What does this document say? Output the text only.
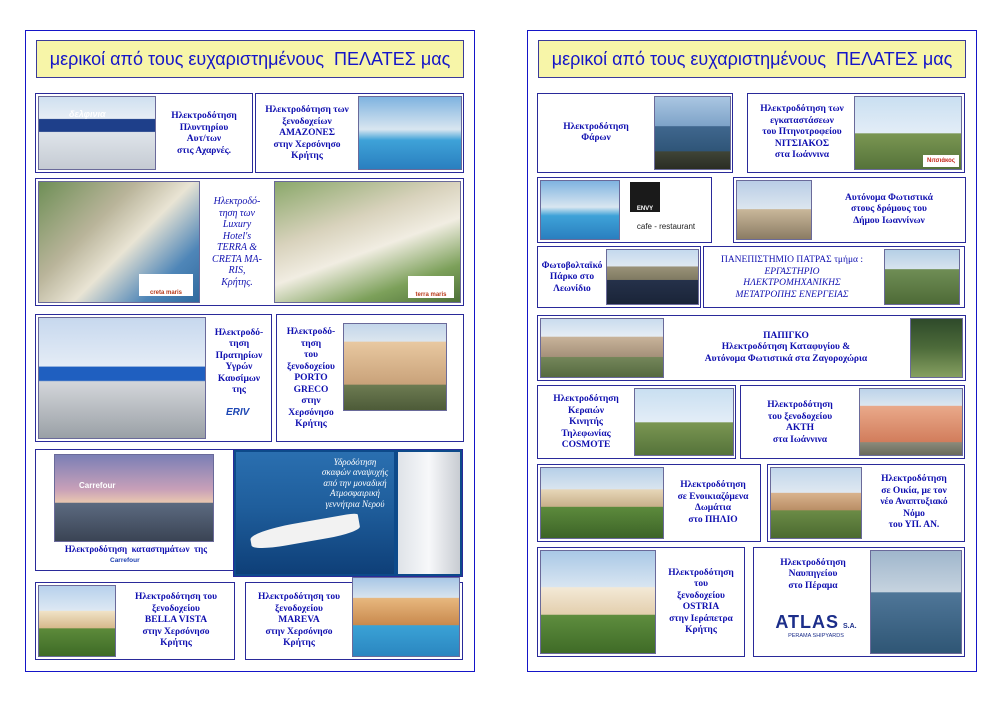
μερικοί από τους ευχαριστημένους  ΠΕΛΑΤΕΣ μας
δελφινια	Ηλεκτροδότηση
Πλυντηρίου
Αυτ/των
στις Αχαρνές.
Ηλεκτροδότηση των
ξενοδοχείων
ΑΜΑΖΟΝΕΣ
στην Χερσόνησο
Κρήτης
creta maris
Ηλεκτροδό-
τηση των
Luxury
Hotel's
TERRA &
CRETA MA-
RIS,
Κρήτης.
terra maris
Ηλεκτροδό-
τηση
Πρατηρίων
Υγρών
Καυσίμων
της
ERIV
Ηλεκτροδό-
τηση
του
ξενοδοχείου
PORTO
GRECO
στην
Χερσόνησο
Κρήτης
Carrefour
Ηλεκτροδότηση  καταστημάτων  της
Carrefour
Υδροδότηση
σκαφών αναψυχής
από την μοναδική
Ατμοσφαιρική
γεννήτρια Νερού
Ηλεκτροδότηση του
ξενοδοχείου
BELLA VISTA
στην Χερσόνησο
Κρήτης
Ηλεκτροδότηση του
ξενοδοχείου
MAREVA
στην Χερσόνησο
Κρήτης
μερικοί από τους ευχαριστημένους  ΠΕΛΑΤΕΣ μας
Ηλεκτροδότηση
Φάρων
Ηλεκτροδότηση των
εγκαταστάσεων
του Πτηνοτροφείου
ΝΙΤΣΙΑΚΟΣ
στα Ιωάννινα
Νιτσιάκος
ENVY
cafe - restaurant
Αυτόνομα Φωτιστικά
στους δρόμους του
Δήμου Ιωαννίνων
Φωτοβολταϊκό
Πάρκο στο
Λεωνίδιο
ΠΑΝΕΠΙΣΤΗΜΙΟ ΠΑΤΡΑΣ τμήμα :
ΕΡΓΑΣΤΗΡΙΟ
ΗΛΕΚΤΡΟΜΗΧΑΝΙΚΗΣ
ΜΕΤΑΤΡΟΠΗΣ ΕΝΕΡΓΕΙΑΣ
ΠΑΠΙΓΚΟ
Ηλεκτροδότηση Καταφυγίου &
Αυτόνομα Φωτιστικά στα Ζαγοροχώρια
Ηλεκτροδότηση
Κεραιών
Κινητής
Τηλεφωνίας
COSMOTE
Ηλεκτροδότηση
του ξενοδοχείου
ΑΚΤΗ
στα Ιωάννινα
Ηλεκτροδότηση
σε Ενοικιαζόμενα
Δωμάτια
στο ΠΗΛΙΟ
Ηλεκτροδότηση
σε Οικία, με τον
νέο Αναπτυξιακό
Νόμο
του ΥΠ. ΑΝ.
Ηλεκτροδότηση
του
ξενοδοχείου
OSTRIA
στην Ιεράπετρα
Κρήτης
Ηλεκτροδότηση
Ναυπηγείου
στο Πέραμα
ATLAS S.A.
PERAMA SHIPYARDS
